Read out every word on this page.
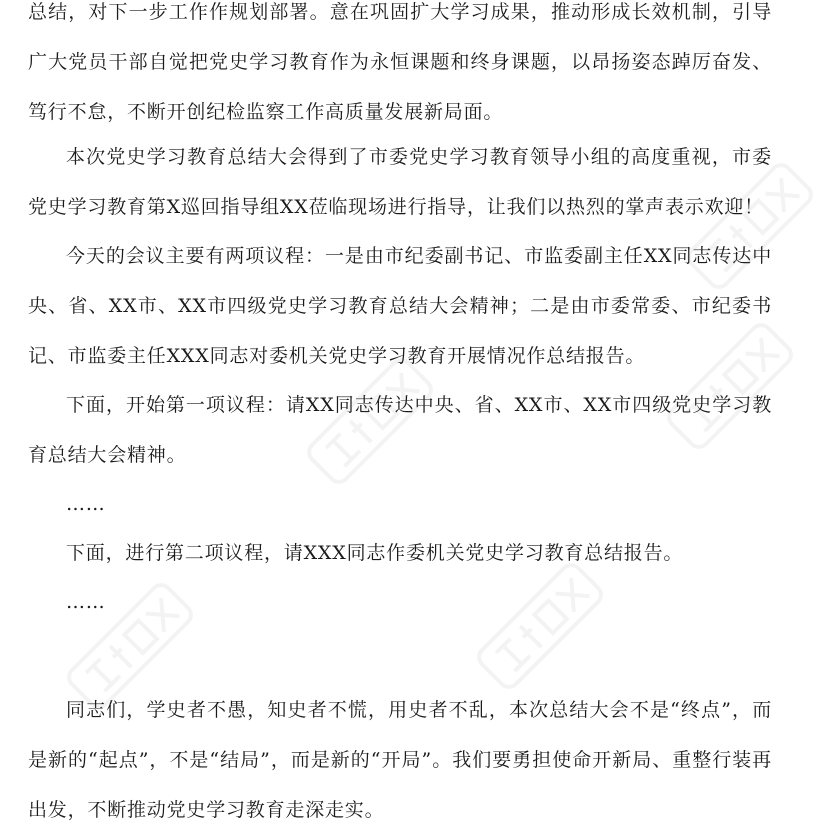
总结，对下一步工作作规划部署。意在巩固扩大学习成果，推动形成长效机制，引导广大党员干部自觉把党史学习教育作为永恒课题和终身课题，以昂扬姿态踔厉奋发、笃行不怠，不断开创纪检监察工作高质量发展新局面。
本次党史学习教育总结大会得到了市委党史学习教育领导小组的高度重视，市委党史学习教育第X巡回指导组XX莅临现场进行指导，让我们以热烈的掌声表示欢迎！
今天的会议主要有两项议程：一是由市纪委副书记、市监委副主任XX同志传达中央、省、XX市、XX市四级党史学习教育总结大会精神；二是由市委常委、市纪委书记、市监委主任XXX同志对委机关党史学习教育开展情况作总结报告。
下面，开始第一项议程：请XX同志传达中央、省、XX市、XX市四级党史学习教育总结大会精神。
……
下面，进行第二项议程，请XXX同志作委机关党史学习教育总结报告。
……
同志们，学史者不愚，知史者不慌，用史者不乱，本次总结大会不是“终点”，而是新的“起点”，不是“结局”，而是新的“开局”。我们要勇担使命开新局、重整行装再出发，不断推动党史学习教育走深走实。
